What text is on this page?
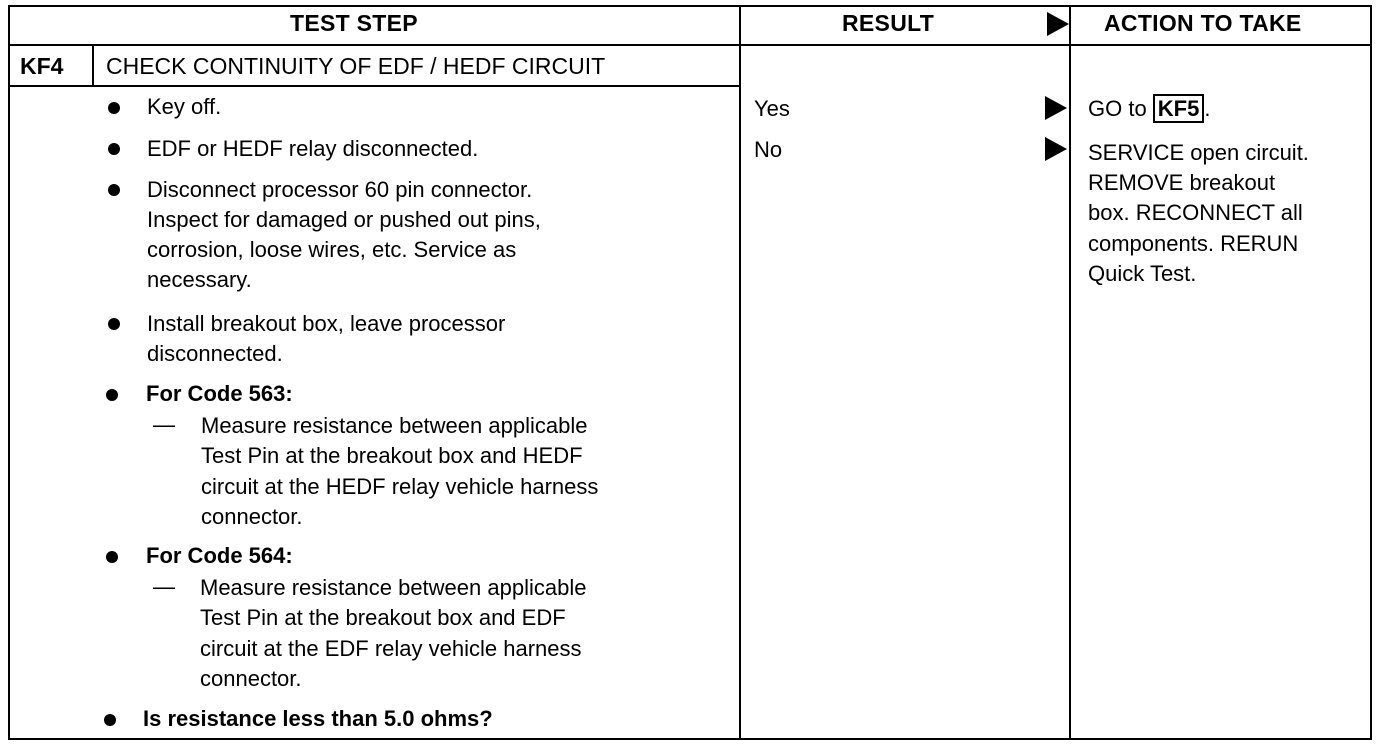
TEST STEP	RESULT	ACTION TO TAKE
KF4 CHECK CONTINUITY OF EDF / HEDF CIRCUIT
Key off.
EDF or HEDF relay disconnected.
Disconnect processor 60 pin connector.
Inspect for damaged or pushed out pins,
corrosion, loose wires, etc. Service as
necessary.
Install breakout box, leave processor
disconnected.
For Code 563:
— Measure resistance between applicable
Test Pin at the breakout box and HEDF
circuit at the HEDF relay vehicle harness
connector.
For Code 564:
— Measure resistance between applicable
Test Pin at the breakout box and EDF
circuit at the EDF relay vehicle harness
connector.
Is resistance less than 5.0 ohms?
Yes
No
GO to KF5 .
SERVICE open circuit.
REMOVE breakout
box. RECONNECT all
components. RERUN
Quick Test.
